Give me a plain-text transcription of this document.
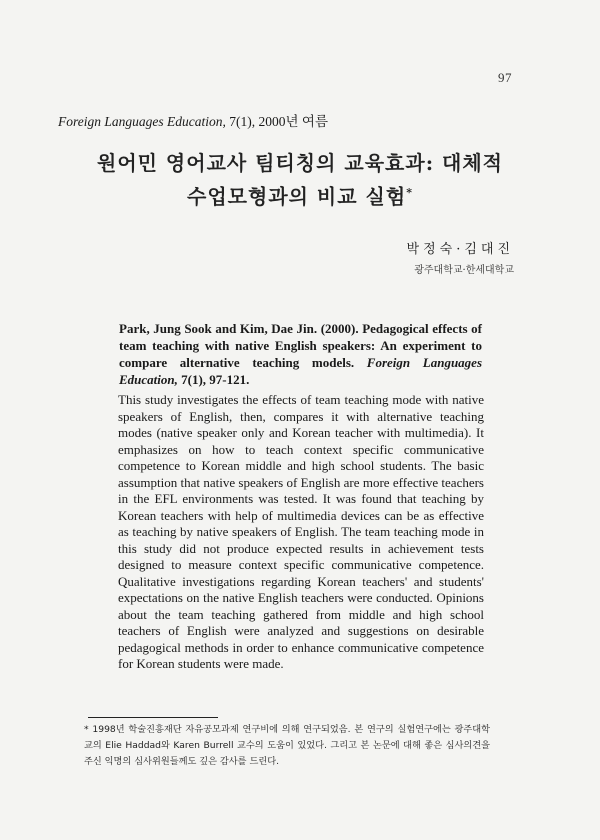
97
Foreign Languages Education, 7(1), 2000년 여름
원어민 영어교사 팀티칭의 교육효과: 대체적
수업모형과의 비교 실험*
박정숙·김대진
광주대학교·한세대학교
Park, Jung Sook and Kim, Dae Jin. (2000). Pedagogical effects of team teaching with native English speakers: An experiment to compare alternative teaching models. Foreign Languages Education, 7(1), 97-121.
This study investigates the effects of team teaching mode with native speakers of English, then, compares it with alternative teaching modes (native speaker only and Korean teacher with multimedia). It emphasizes on how to teach context specific communicative competence to Korean middle and high school students. The basic assumption that native speakers of English are more effective teachers in the EFL environments was tested. It was found that teaching by Korean teachers with help of multimedia devices can be as effective as teaching by native speakers of English. The team teaching mode in this study did not produce expected results in achievement tests designed to measure context specific communicative competence. Qualitative investigations regarding Korean teachers' and students' expectations on the native English teachers were conducted. Opinions about the team teaching gathered from middle and high school teachers of English were analyzed and suggestions on desirable pedagogical methods in order to enhance communicative competence for Korean students were made.
* 1998년 학술진흥재단 자유공모과제 연구비에 의해 연구되었음. 본 연구의 실험연구에는 광주대학교의 Elie Haddad와 Karen Burrell 교수의 도움이 있었다. 그리고 본 논문에 대해 좋은 심사의견을 주신 익명의 심사위원들께도 깊은 감사를 드린다.
